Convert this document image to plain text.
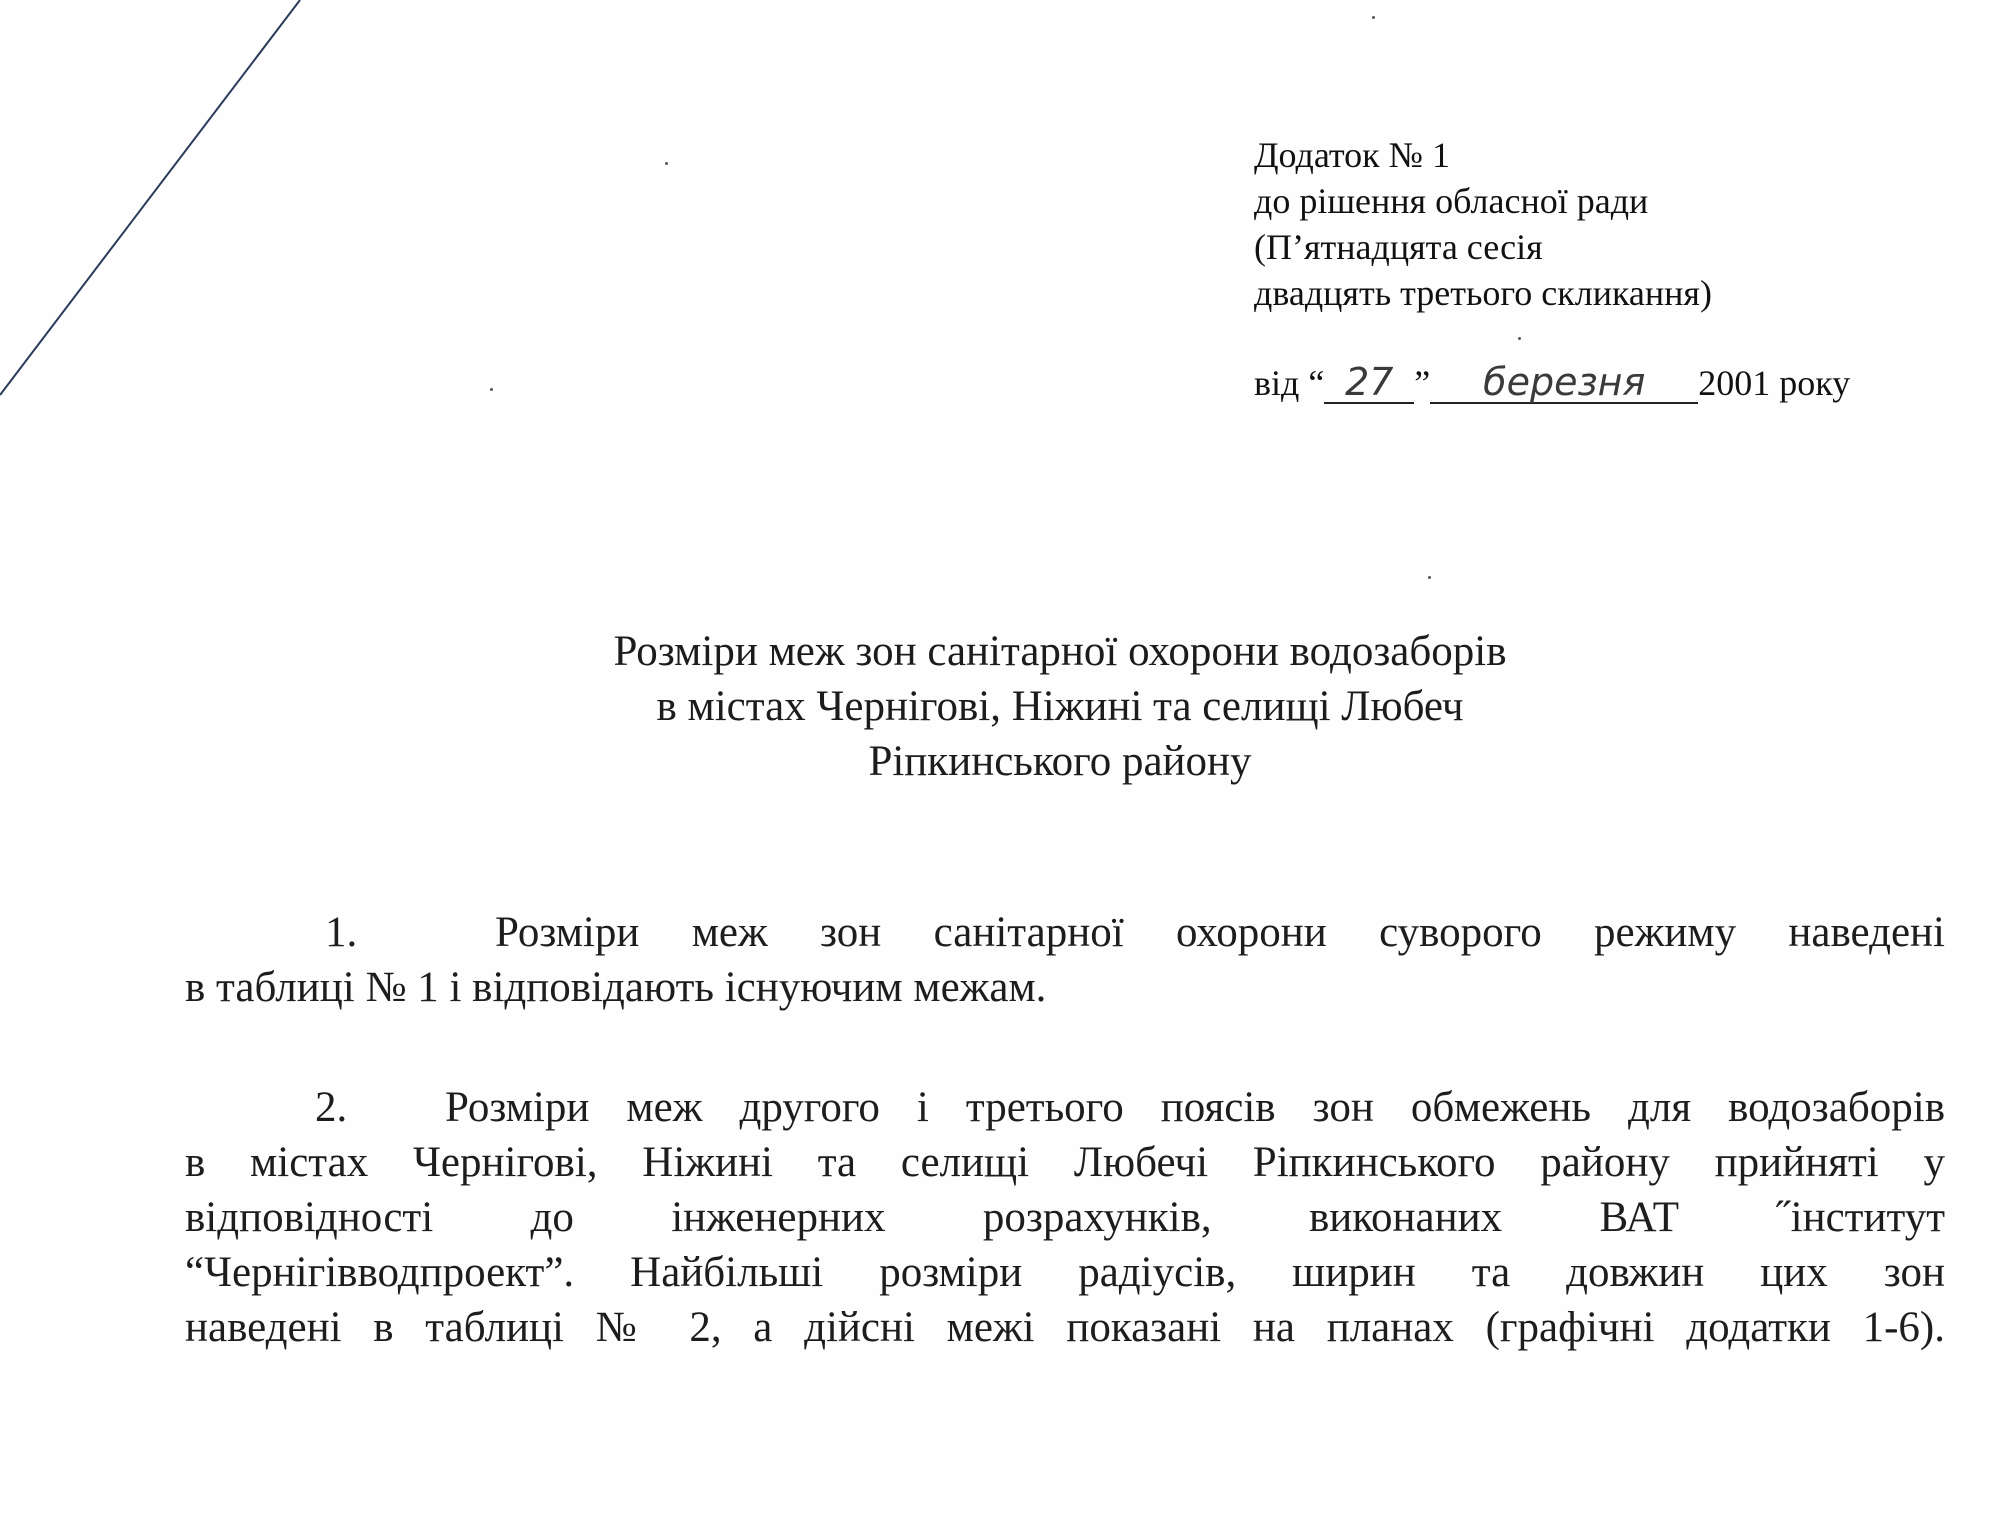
Додаток № 1
до рішення обласної ради
(П’ятнадцята сесія
двадцять третього скликання)
від “ 27 ” березня 2001 року
Розміри меж зон санітарної охорони водозаборів
в містах Чернігові, Ніжині та селищі Любеч
Ріпкинського району
1.	Розміри меж зон санітарної охорони суворого режиму наведені
в таблиці № 1 і відповідають існуючим межам.
2. Розміри меж другого і третього поясів зон обмежень для водозаборів
в містах Чернігові, Ніжині та селищі Любечі Ріпкинського району прийняті у
відповідності до інженерних розрахунків, виконаних ВАТ ˝інститут
“Чернігівводпроект”. Найбільші розміри радіусів, ширин та довжин цих зон
наведені в таблиці № 2, а дійсні межі показані на планах (графічні додатки 1-6).
